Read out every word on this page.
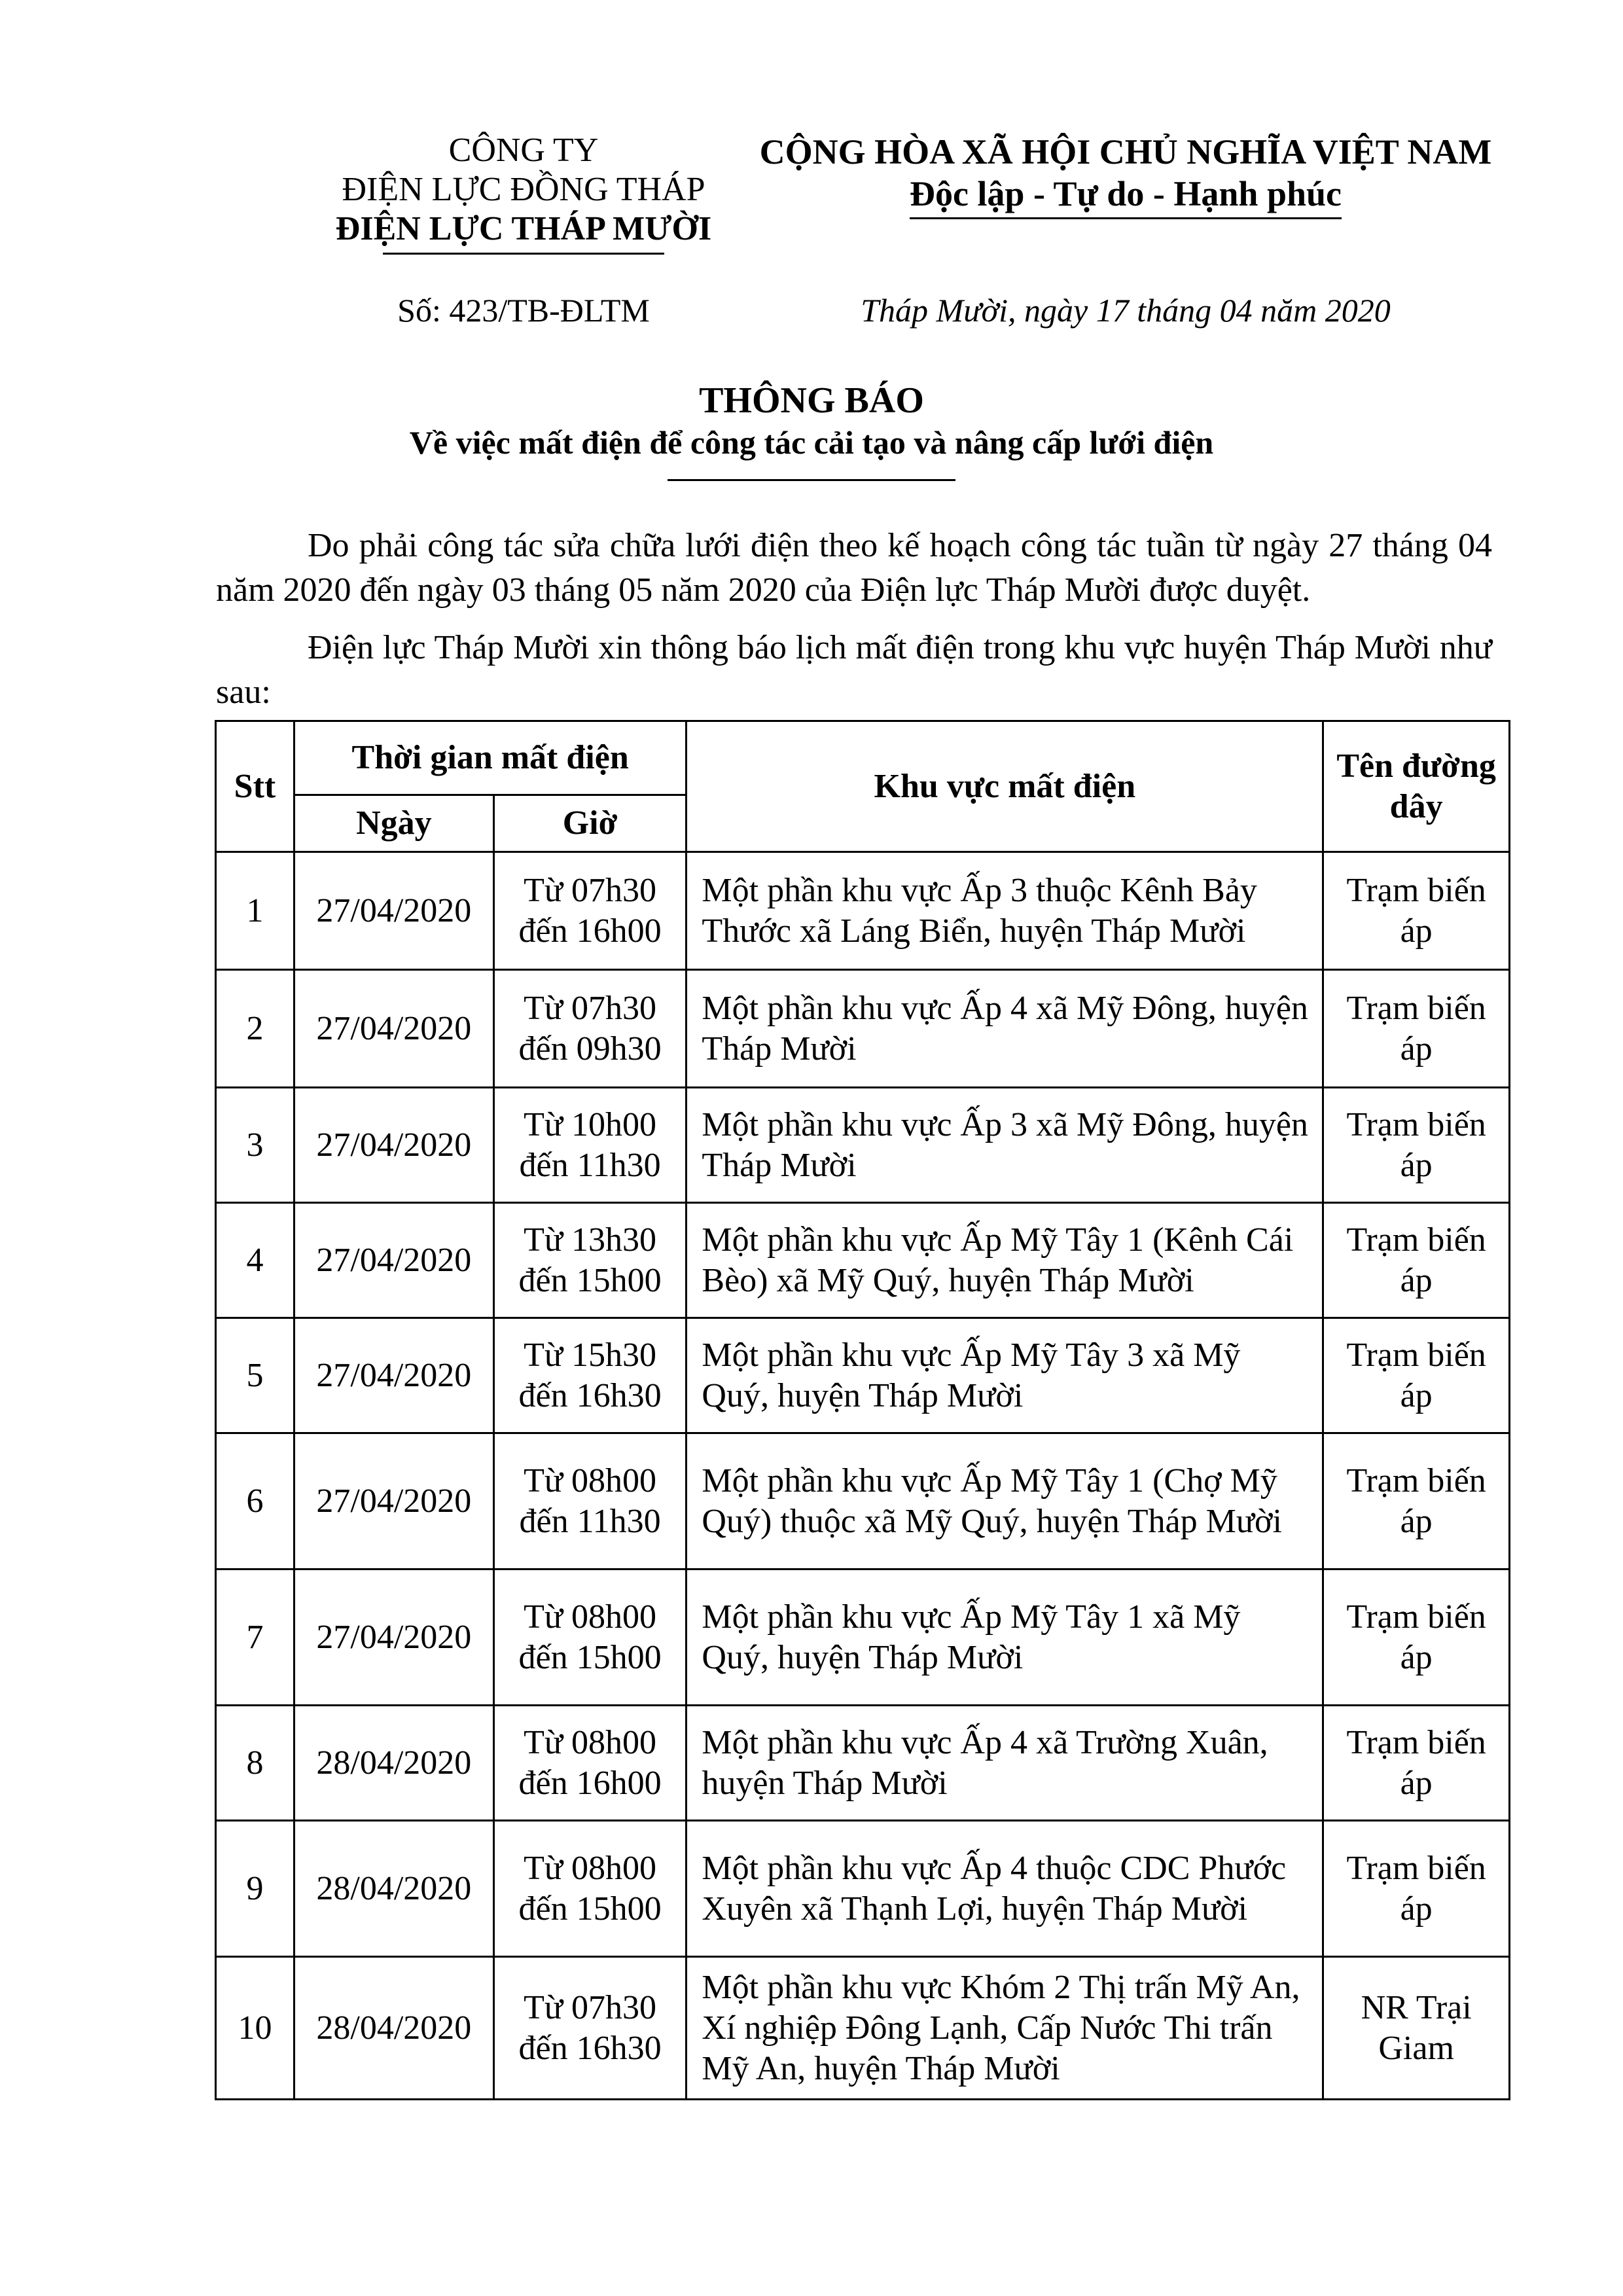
CÔNG TY
ĐIỆN LỰC ĐỒNG THÁP
ĐIỆN LỰC THÁP MƯỜI
CỘNG HÒA XÃ HỘI CHỦ NGHĨA VIỆT NAM
Độc lập - Tự do - Hạnh phúc
Số: 423/TB-ĐLTM	Tháp Mười, ngày 17 tháng 04 năm 2020
THÔNG BÁO
Về việc mất điện để công tác cải tạo và nâng cấp lưới điện

Do phải công tác sửa chữa lưới điện theo kế hoạch công tác tuần từ ngày 27 tháng 04 năm 2020 đến ngày 03 tháng 05 năm 2020 của Điện lực Tháp Mười được duyệt.

Điện lực Tháp Mười xin thông báo lịch mất điện trong khu vực huyện Tháp Mười như sau:

Stt	Thời gian mất điện		Khu vực mất điện	Tên đường dây
	Ngày	Giờ		
1	27/04/2020	Từ 07h30 đến 16h00	Một phần khu vực Ấp 3 thuộc Kênh Bảy Thước xã Láng Biển, huyện Tháp Mười	Trạm biến áp
2	27/04/2020	Từ 07h30 đến 09h30	Một phần khu vực Ấp 4 xã Mỹ Đông, huyện Tháp Mười	Trạm biến áp
3	27/04/2020	Từ 10h00 đến 11h30	Một phần khu vực Ấp 3 xã Mỹ Đông, huyện Tháp Mười	Trạm biến áp
4	27/04/2020	Từ 13h30 đến 15h00	Một phần khu vực Ấp Mỹ Tây 1 (Kênh Cái Bèo) xã Mỹ Quý, huyện Tháp Mười	Trạm biến áp
5	27/04/2020	Từ 15h30 đến 16h30	Một phần khu vực Ấp Mỹ Tây 3 xã Mỹ Quý, huyện Tháp Mười	Trạm biến áp
6	27/04/2020	Từ 08h00 đến 11h30	Một phần khu vực Ấp Mỹ Tây 1 (Chợ Mỹ Quý) thuộc xã Mỹ Quý, huyện Tháp Mười	Trạm biến áp
7	27/04/2020	Từ 08h00 đến 15h00	Một phần khu vực Ấp Mỹ Tây 1 xã Mỹ Quý, huyện Tháp Mười	Trạm biến áp
8	28/04/2020	Từ 08h00 đến 16h00	Một phần khu vực Ấp 4 xã Trường Xuân, huyện Tháp Mười	Trạm biến áp
9	28/04/2020	Từ 08h00 đến 15h00	Một phần khu vực Ấp 4 thuộc CDC Phước Xuyên xã Thạnh Lợi, huyện Tháp Mười	Trạm biến áp
10	28/04/2020	Từ 07h30 đến 16h30	Một phần khu vực Khóm 2 Thị trấn Mỹ An, Xí nghiệp Đông Lạnh, Cấp Nước Thi trấn Mỹ An, huyện Tháp Mười	NR Trại Giam
